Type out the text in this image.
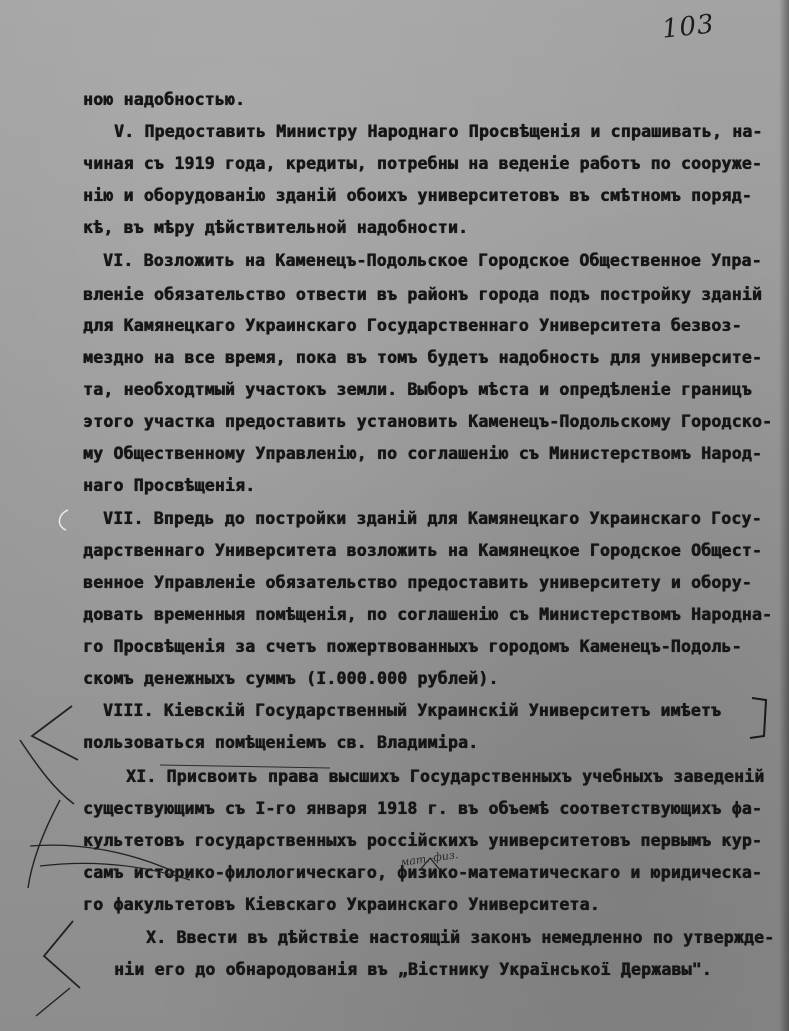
103
ною надобностью.
V. Предоставить Министру Народнаго Просвѣщенія и спрашивать, на-
чиная съ 1919 года, кредиты, потребны на веденіе работъ по сооруже-
нію и оборудованію зданій обоихъ университетовъ въ смѣтномъ поряд-
кѣ, въ мѣру дѣйствительной надобности.
VI. Возложить на Каменецъ-Подольское Городское Общественное Упра-
вленіе обязательство отвести въ районъ города подъ постройку зданій
для Камянецкаго Украинскаго Государственнаго Университета безвоз-
мездно на все время, пока въ томъ будетъ надобность для университе-
та, необходтмый участокъ земли. Выборъ мѣста и опредѣленіе границъ
этого участка предоставить установить Каменецъ-Подольскому Городско-
му Общественному Управленію, по соглашенію съ Министерствомъ Народ-
наго Просвѣщенія.
VII. Впредь до постройки зданій для Камянецкаго Украинскаго Госу-
дарственнаго Университета возложить на Камянецкое Городское Общест-
венное Управленіе обязательство предоставить университету и обору-
довать временныя помѣщенія, по соглашенію съ Министерствомъ Народна-
го Просвѣщенія за счетъ пожертвованныхъ городомъ Каменецъ-Подоль-
скомъ денежныхъ суммъ (I.000.000 рублей).
VIII. Кіевскій Государственный Украинскій Университетъ имѣетъ
пользоваться помѣщеніемъ св. Владиміра.
XI. Присвоить права высшихъ Государственныхъ учебныхъ заведеній
существующимъ съ I-го января 1918 г. въ объемѣ соответствующихъ фа-
культетовъ государственныхъ россійскихъ университетовъ первымъ кур-
самъ историко-филологическаго, физико-математическаго и юридическа-
го факультетовъ Кіевскаго Украинскаго Университета.
Х. Ввести въ дѣйствіе настоящій законъ немедленно по утвержде-
ніи его до обнародованія въ „Вістнику Української Державы".
мат.-физ.
